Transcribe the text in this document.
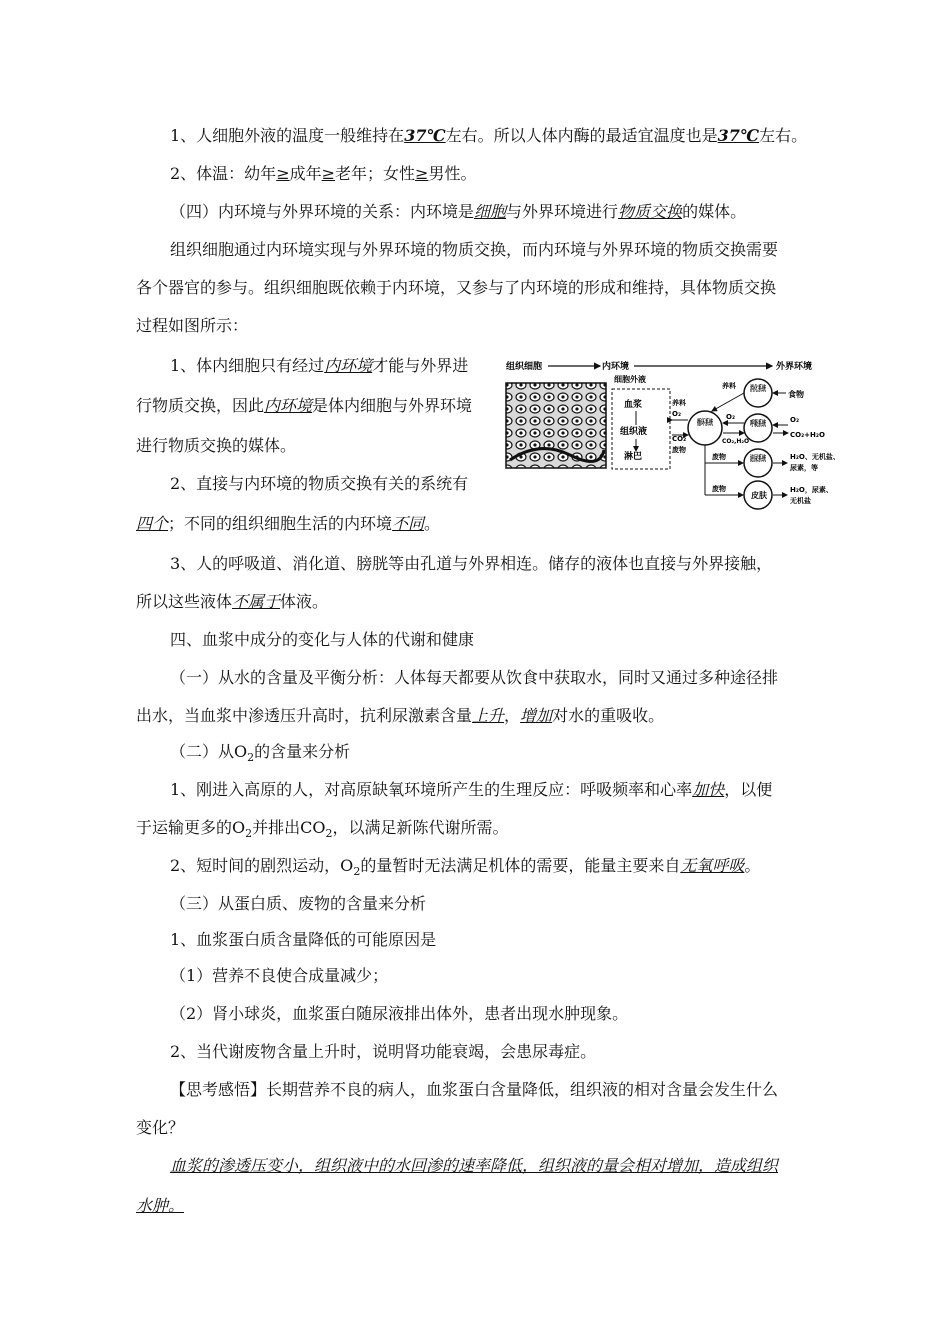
1、人细胞外液的温度一般维持在37℃左右。所以人体内酶的最适宜温度也是37℃左右。
2、体温：幼年≥成年≥老年；女性≥男性。
（四）内环境与外界环境的关系：内环境是细胞与外界环境进行物质交换的媒体。
组织细胞通过内环境实现与外界环境的物质交换，而内环境与外界环境的物质交换需要
各个器官的参与。组织细胞既依赖于内环境，又参与了内环境的形成和维持，具体物质交换
过程如图所示：
1、体内细胞只有经过内环境才能与外界进
行物质交换，因此内环境是体内细胞与外界环境
进行物质交换的媒体。
2、直接与内环境的物质交换有关的系统有
四个；不同的组织细胞生活的内环境不同。
3、人的呼吸道、消化道、膀胱等由孔道与外界相连。储存的液体也直接与外界接触，
所以这些液体不属于体液。
四、血浆中成分的变化与人体的代谢和健康
（一）从水的含量及平衡分析：人体每天都要从饮食中获取水，同时又通过多种途径排
出水，当血浆中渗透压升高时，抗利尿激素含量上升，增加对水的重吸收。
（二）从$O_2$的含量来分析
1、刚进入高原的人，对高原缺氧环境所产生的生理反应：呼吸频率和心率加快，以便
于运输更多的$O_2$并排出$CO_2$，以满足新陈代谢所需。
2、短时间的剧烈运动，$O_2$的量暂时无法满足机体的需要，能量主要来自无氧呼吸。
（三）从蛋白质、废物的含量来分析
1、血浆蛋白质含量降低的可能原因是
（1）营养不良使合成量减少；
（2）肾小球炎，血浆蛋白随尿液排出体外，患者出现水肿现象。
2、当代谢废物含量上升时，说明肾功能衰竭，会患尿毒症。
【思考感悟】长期营养不良的病人，血浆蛋白含量降低，组织液的相对含量会发生什么
变化？
血浆的渗透压变小，组织液中的水回渗的速率降低，组织液的量会相对增加，造成组织
水肿。
组织细胞	内环境	外界环境
细胞外液
血浆
组织液
淋巴
养料
O₂
CO₂
废物
养料
食物
O₂
CO₂,H₂O
O₂
CO₂+H₂O
废物	H₂O、无机盐、
尿素，等
皮肤
废物	H₂O，尿素、
无机盐
